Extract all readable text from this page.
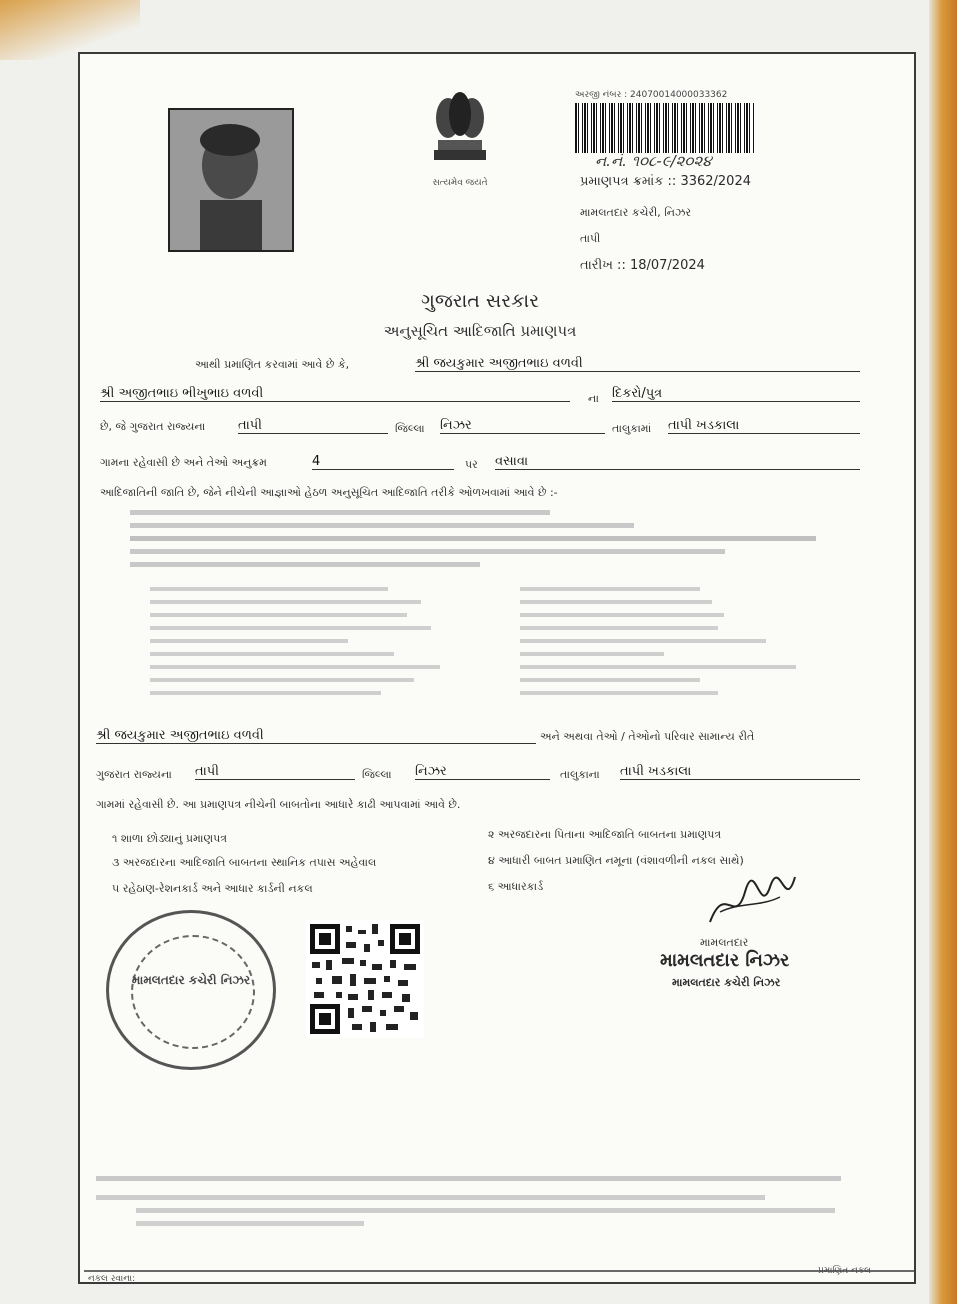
સત્યમેવ જયતે
અરજી નંબર : 24070014000033362
ન.નં. ૧૦૮-૯/૨૦૨૪
પ્રમાણપત્ર ક્રમાંક :: 3362/2024
મામલતદાર કચેરી, નિઝર
તાપી
તારીખ :: 18/07/2024
ગુજરાત સરકાર
અનુસૂચિત આદિજાતિ પ્રમાણપત્ર
આથી પ્રમાણિત કરવામાં આવે છે કે,	શ્રી જયકુમાર અજીતભાઇ વળવી
શ્રી અજીતભાઇ ભીખુભાઇ વળવી	ના દિકરો/પુત્ર
છે, જે ગુજરાત રાજ્યના	તાપી	જિલ્લા નિઝર	તાલુકામાં તાપી ખડકાલા
ગામના રહેવાસી છે અને તેઓ અનુક્રમ	4	પર વસાવા
આદિજાતિની જાતિ છે, જેને નીચેની આજ્ઞાઓ હેઠળ અનુસૂચિત આદિજાતિ તરીકે ઓળખવામાં આવે છે :-
શ્રી જયકુમાર અજીતભાઇ વળવી	અને અથવા તેઓ / તેઓનો પરિવાર સામાન્ય રીતે
ગુજરાત રાજ્યના તાપી	જિલ્લા નિઝર	તાલુકાના તાપી ખડકાલા
ગામમાં રહેવાસી છે. આ પ્રમાણપત્ર નીચેની બાબતોના આધારે કાઢી આપવામાં આવે છે.
૧ શાળા છોડ્યાનું પ્રમાણપત્ર	૨ અરજદારના પિતાના આદિજાતિ બાબતના પ્રમાણપત્ર
૩ અરજદારના આદિજાતિ બાબતના સ્થાનિક તપાસ અહેવાલ	૪ આધારી બાબત પ્રમાણિત નમૂના (વંશાવળીની નકલ સાથે)
૫ રહેઠાણ-રેશનકાર્ડ અને આધાર કાર્ડની નકલ	૬ આધારકાર્ડ
મામલતદાર કચેરી નિઝર
મામલતદાર
મામલતદાર નિઝર
મામલતદાર કચેરી નિઝર
નકલ રવાના:
પ્રમાણિત નકલ
